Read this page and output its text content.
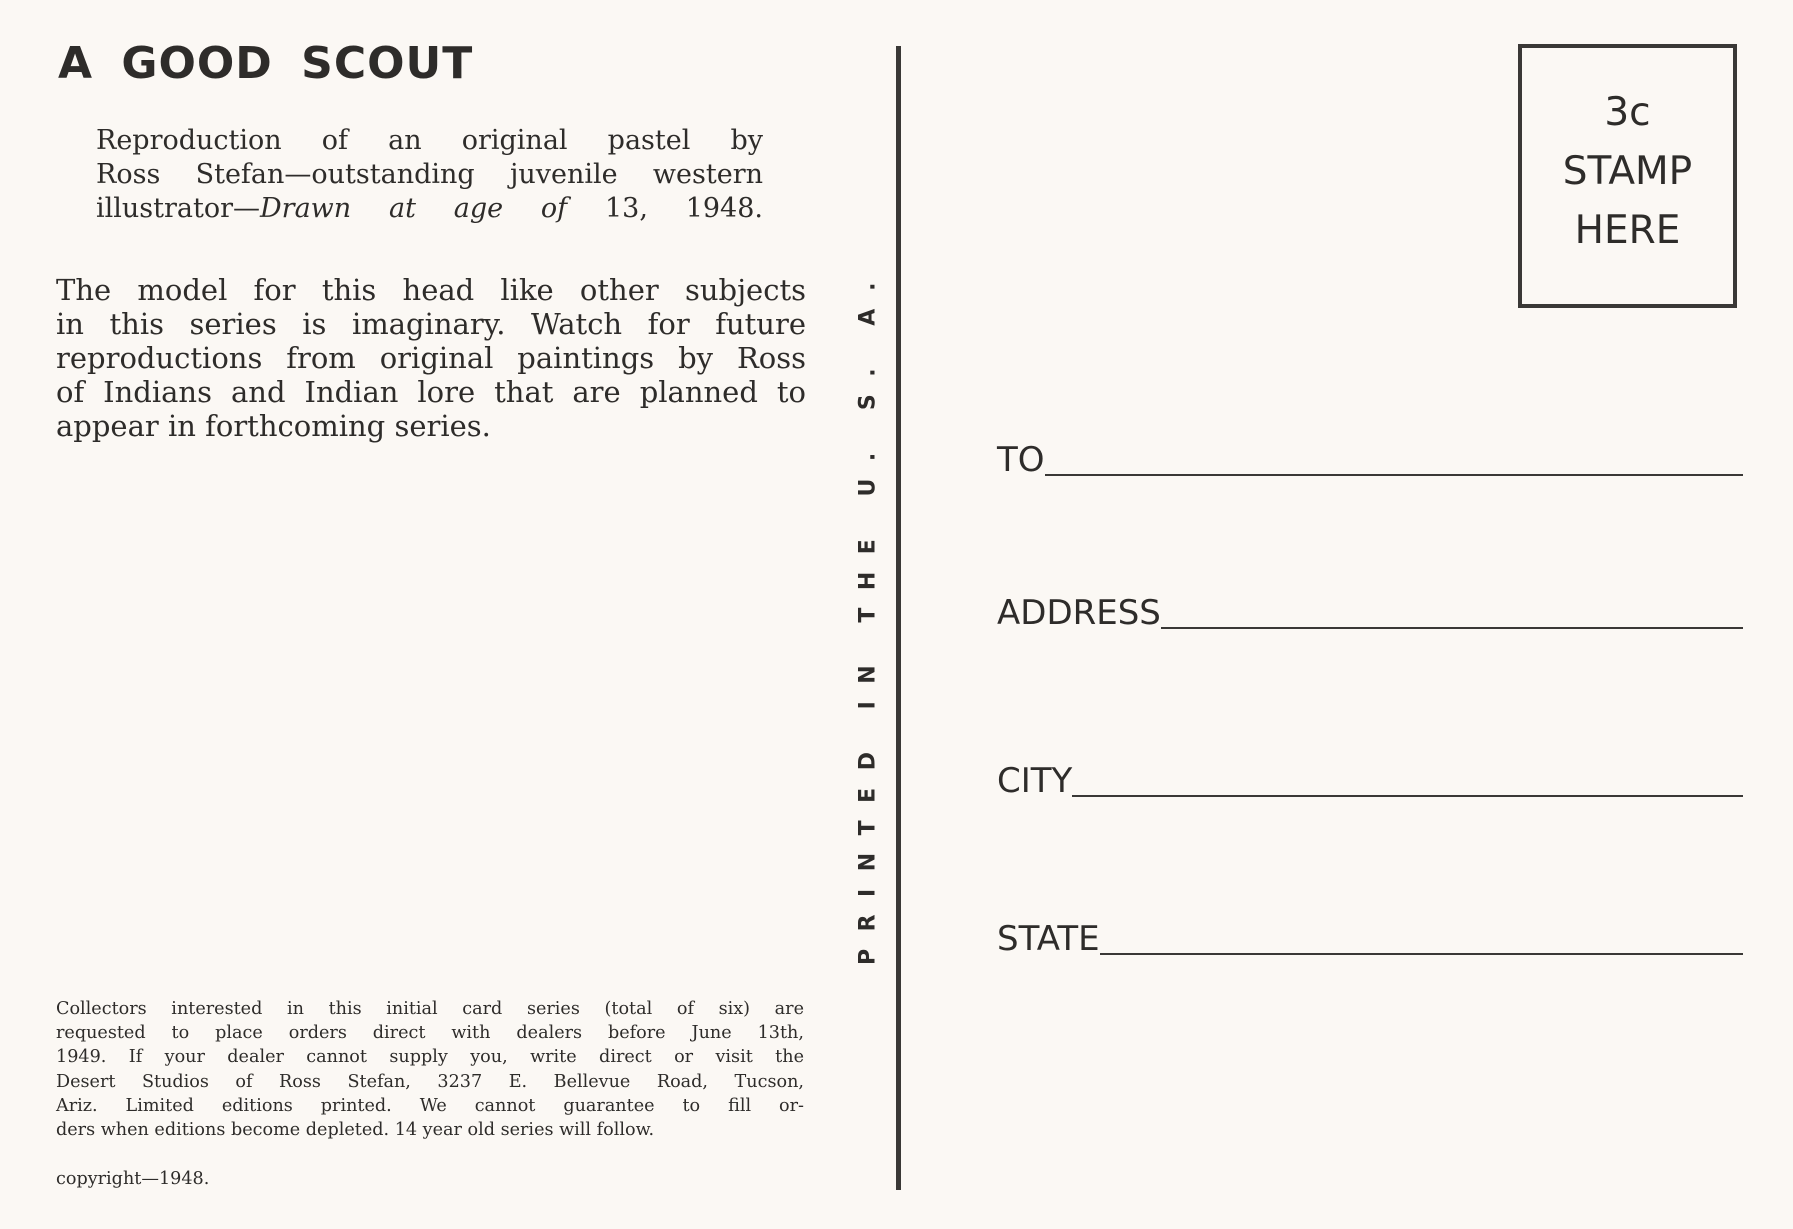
A GOOD SCOUT
Reproduction of an original pastel by
Ross Stefan—outstanding juvenile western
illustrator—Drawn at age of 13, 1948.
The model for this head like other subjects
in this series is imaginary. Watch for future
reproductions from original paintings by Ross
of Indians and Indian lore that are planned to
appear in forthcoming series.
Collectors interested in this initial card series (total of six) are
requested to place orders direct with dealers before June 13th,
1949. If your dealer cannot supply you, write direct or visit the
Desert Studios of Ross Stefan, 3237 E. Bellevue Road, Tucson,
Ariz. Limited editions printed. We cannot guarantee to fill or-
ders when editions become depleted. 14 year old series will follow.
copyright—1948.
PRINTED IN THE U. S. A.
3c
STAMP
HERE
TO
ADDRESS
CITY
STATE
